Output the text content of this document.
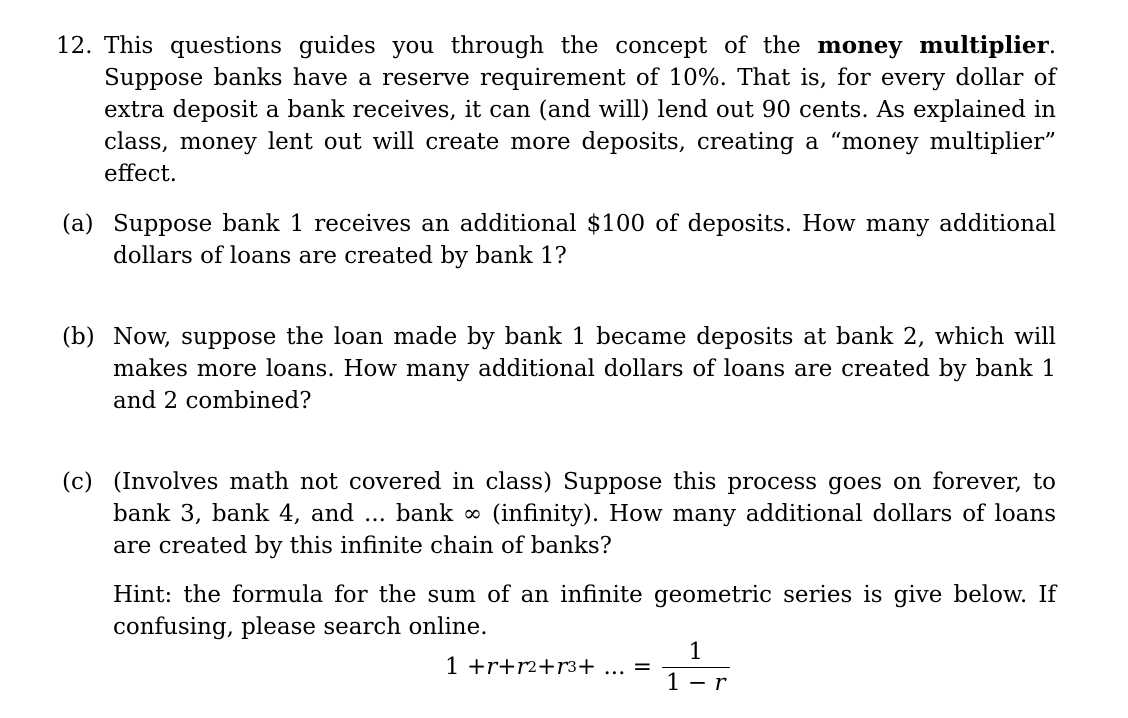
12. This questions guides you through the concept of the money multiplier. Suppose banks have a reserve requirement of 10%. That is, for every dollar of extra deposit a bank receives, it can (and will) lend out 90 cents. As explained in class, money lent out will create more deposits, creating a “money multiplier” effect.
(a) Suppose bank 1 receives an additional $100 of deposits. How many additional dollars of loans are created by bank 1?
(b) Now, suppose the loan made by bank 1 became deposits at bank 2, which will makes more loans. How many additional dollars of loans are created by bank 1 and 2 combined?
(c) (Involves math not covered in class) Suppose this process goes on forever, to bank 3, bank 4, and ... bank ∞ (infinity). How many additional dollars of loans are created by this infinite chain of banks?
Hint: the formula for the sum of an infinite geometric series is give below. If confusing, please search online.
1 + r + r 2 + r 3 + ... = $\frac{1}{1 - r}$
